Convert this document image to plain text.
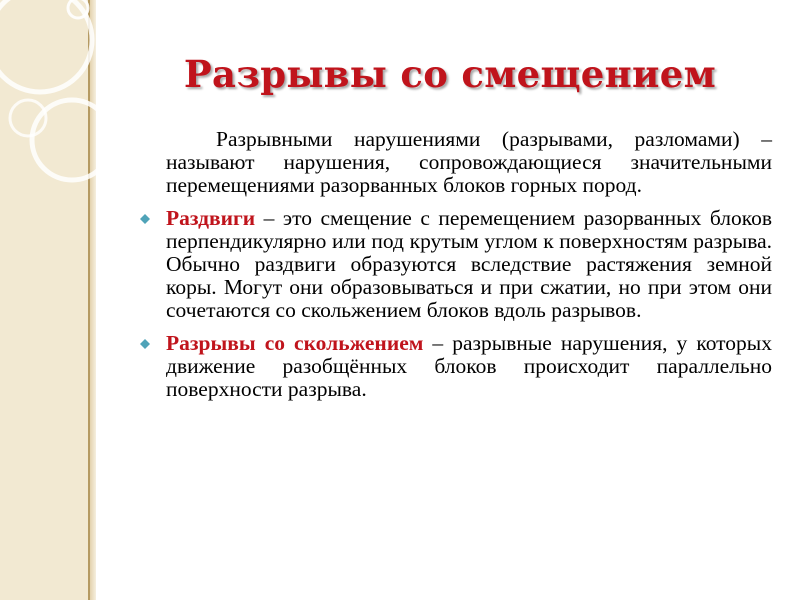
Разрывы со смещением

Разрывными нарушениями (разрывами, разломами) – называют нарушения, сопровождающиеся значительными перемещениями разорванных блоков горных пород.

Раздвиги – это смещение с перемещением разорванных блоков перпендикулярно или под крутым углом к поверхностям разрыва. Обычно раздвиги образуются вследствие растяжения земной коры. Могут они образовываться и при сжатии, но при этом они сочетаются со скольжением блоков вдоль разрывов.
Разрывы со скольжением – разрывные нарушения, у которых движение разобщённых блоков происходит параллельно поверхности разрыва.
